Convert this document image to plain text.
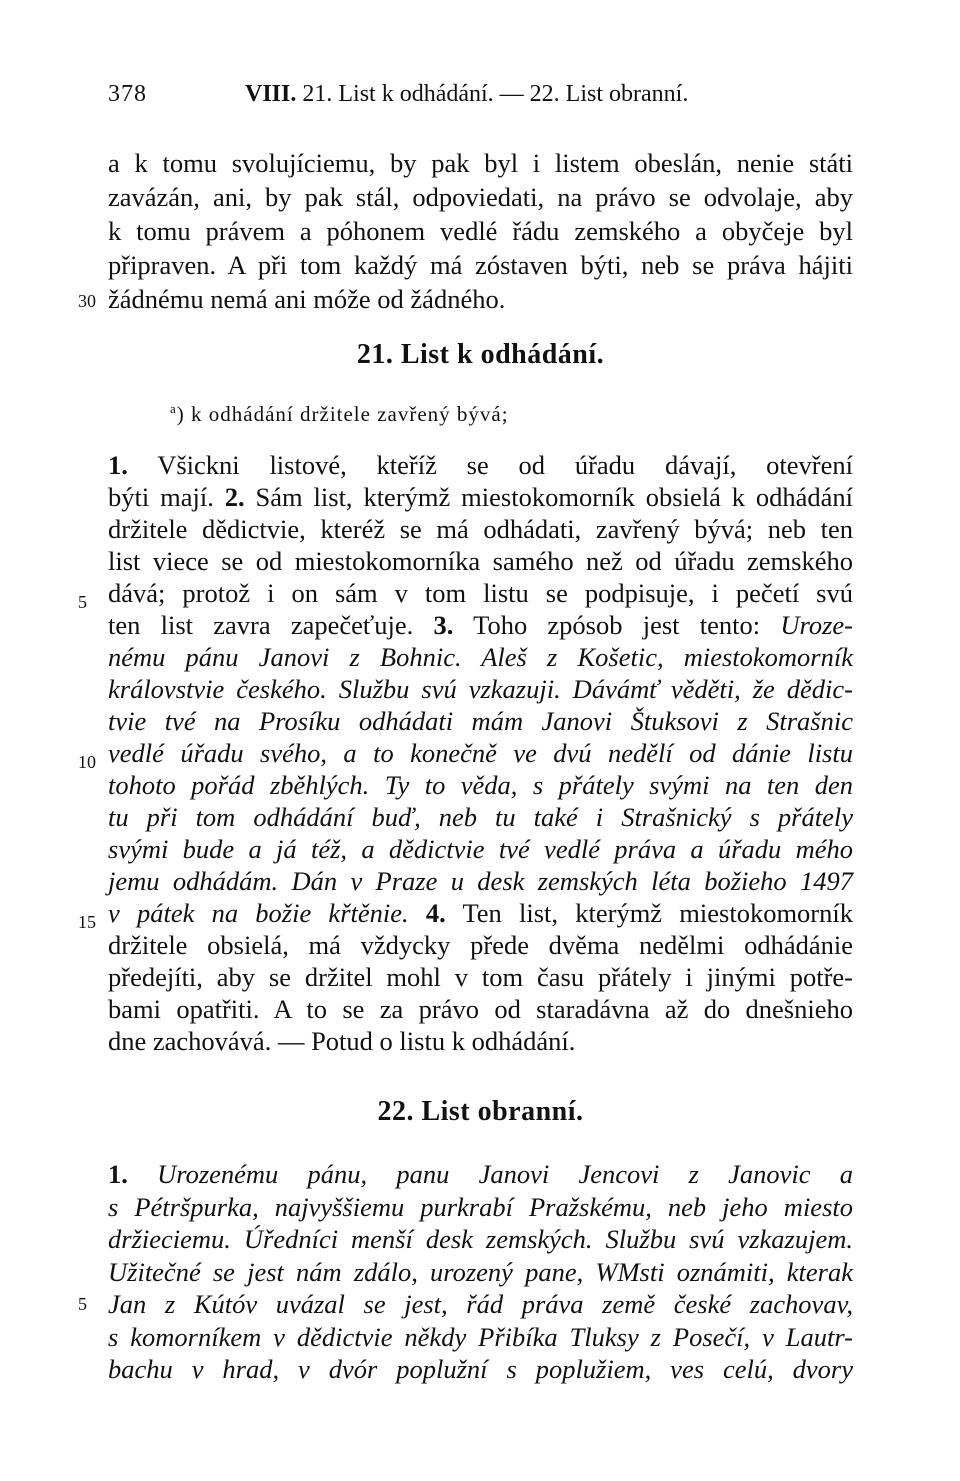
378	VIII. 21. List k odhádání. — 22. List obranní.
a k tomu svolujíciemu, by pak byl i listem obeslán, nenie státi
zavázán, ani, by pak stál, odpoviedati, na právo se odvolaje, aby
k tomu právem a póhonem vedlé řádu zemského a obyčeje byl
připraven. A při tom každý má zóstaven býti, neb se práva hájiti
žádnému nemá ani móže od žádného.
30
21. List k odhádání.
$^a$) k odhádání držitele zavřený bývá;
1. Všickni listové, kteříž se od úřadu dávají, otevření
býti mají. 2. Sám list, kterýmž miestokomorník obsielá k odhádání
držitele dědictvie, kteréž se má odhádati, zavřený bývá; neb ten
list viece se od miestokomorníka samého než od úřadu zemského
dává; protož i on sám v tom listu se podpisuje, i pečetí svú
ten list zavra zapečeťuje. 3. Toho zpósob jest tento: Uroze-
nému pánu Janovi z Bohnic. Aleš z Košetic, miestokomorník
královstvie českého. Službu svú vzkazuji. Dávámť věděti, že dědic-
tvie tvé na Prosíku odhádati mám Janovi Štuksovi z Strašnic
vedlé úřadu svého, a to konečně ve dvú nedělí od dánie listu
tohoto pořád zběhlých. Ty to věda, s přátely svými na ten den
tu při tom odhádání buď, neb tu také i Strašnický s přátely
svými bude a já též, a dědictvie tvé vedlé práva a úřadu mého
jemu odhádám. Dán v Praze u desk zemských léta božieho 1497
v pátek na božie křtěnie. 4. Ten list, kterýmž miestokomorník
držitele obsielá, má vždycky přede dvěma nedělmi odhádánie
předejíti, aby se držitel mohl v tom času přátely i jinými potře-
bami opatřiti. A to se za právo od staradávna až do dnešnieho
dne zachovává. — Potud o listu k odhádání.
5
10
15
22. List obranní.
1. Urozenému pánu, panu Janovi Jencovi z Janovic a
s Pétršpurka, najvyššiemu purkrabí Pražskému, neb jeho miesto
držieciemu. Úředníci menší desk zemských. Službu svú vzkazujem.
Užitečné se jest nám zdálo, urozený pane, WMsti oznámiti, kterak
Jan z Kútóv uvázal se jest, řád práva země české zachovav,
s komorníkem v dědictvie někdy Přibíka Tluksy z Posečí, v Lautr-
bachu v hrad, v dvór poplužní s poplužiem, ves celú, dvory
5
